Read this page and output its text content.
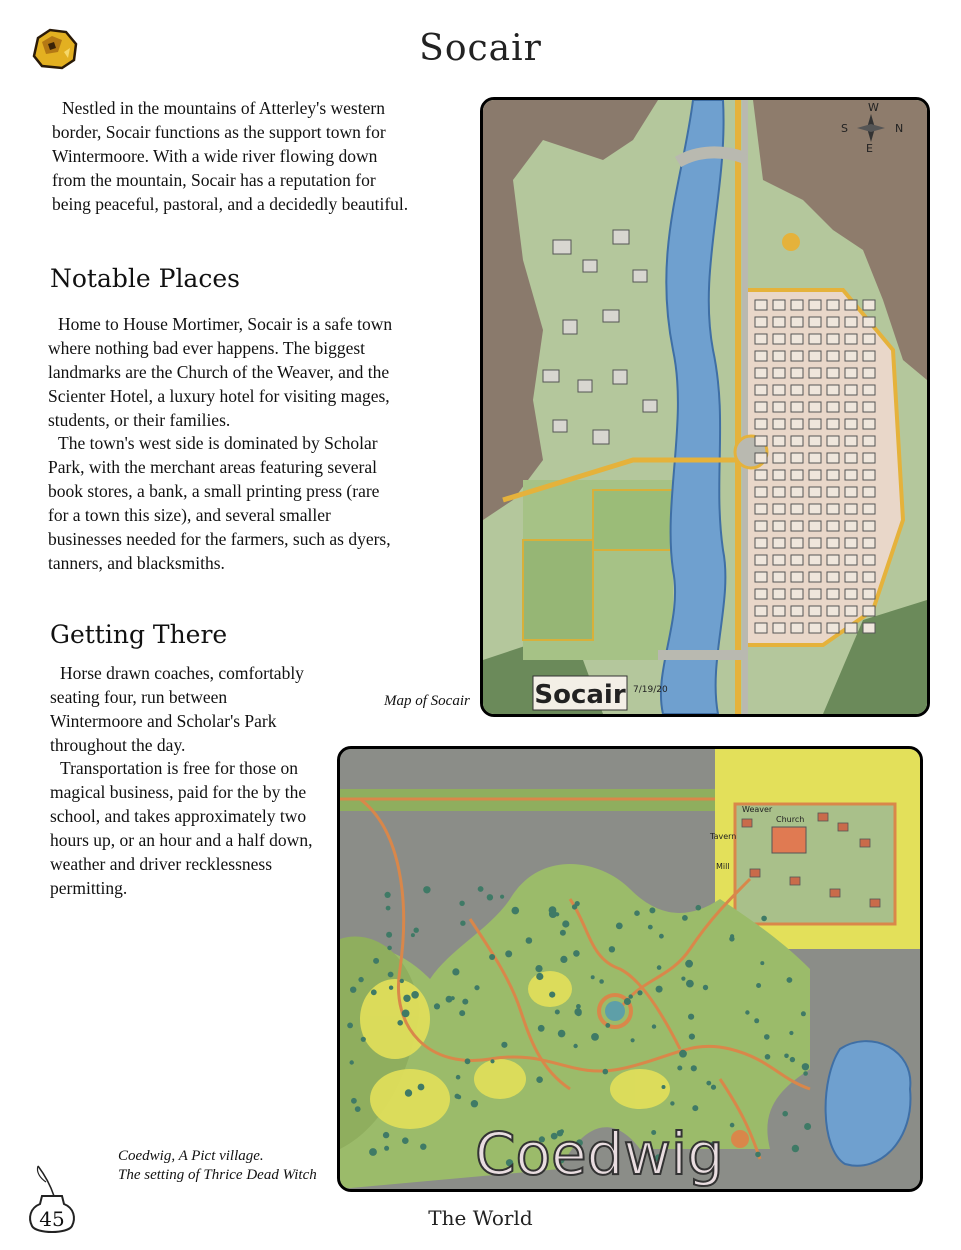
Socair

Nestled in the mountains of Atterley's western border, Socair functions as the support town for Wintermoore. With a wide river flowing down from the mountain, Socair has a reputation for being peaceful, pastoral, and a decidedly beautiful.

Notable Places

Home to House Mortimer, Socair is a safe town where nothing bad ever happens. The biggest landmarks are the Church of the Weaver, and the Scienter Hotel, a luxury hotel for visiting mages, students, or their families.

The town's west side is dominated by Scholar Park, with the merchant areas featuring several book stores, a bank, a small printing press (rare for a town this size), and several smaller businesses needed for the farmers, such as dyers, tanners, and blacksmiths.

Getting There

Horse drawn coaches, comfortably seating four, run between Wintermoore and Scholar's Park throughout the day.

Transportation is free for those on magical business, paid for the by the school, and takes approximately two hours up, or an hour and a half down, weather and driver recklessness permitting.

Socair 7/19/20
W
S	N
E
Map of Socair
Weaver
Tavern
Church
Mill
Coedwig
Coedwig, A Pict village.
The setting of Thrice Dead Witch
45	The World
